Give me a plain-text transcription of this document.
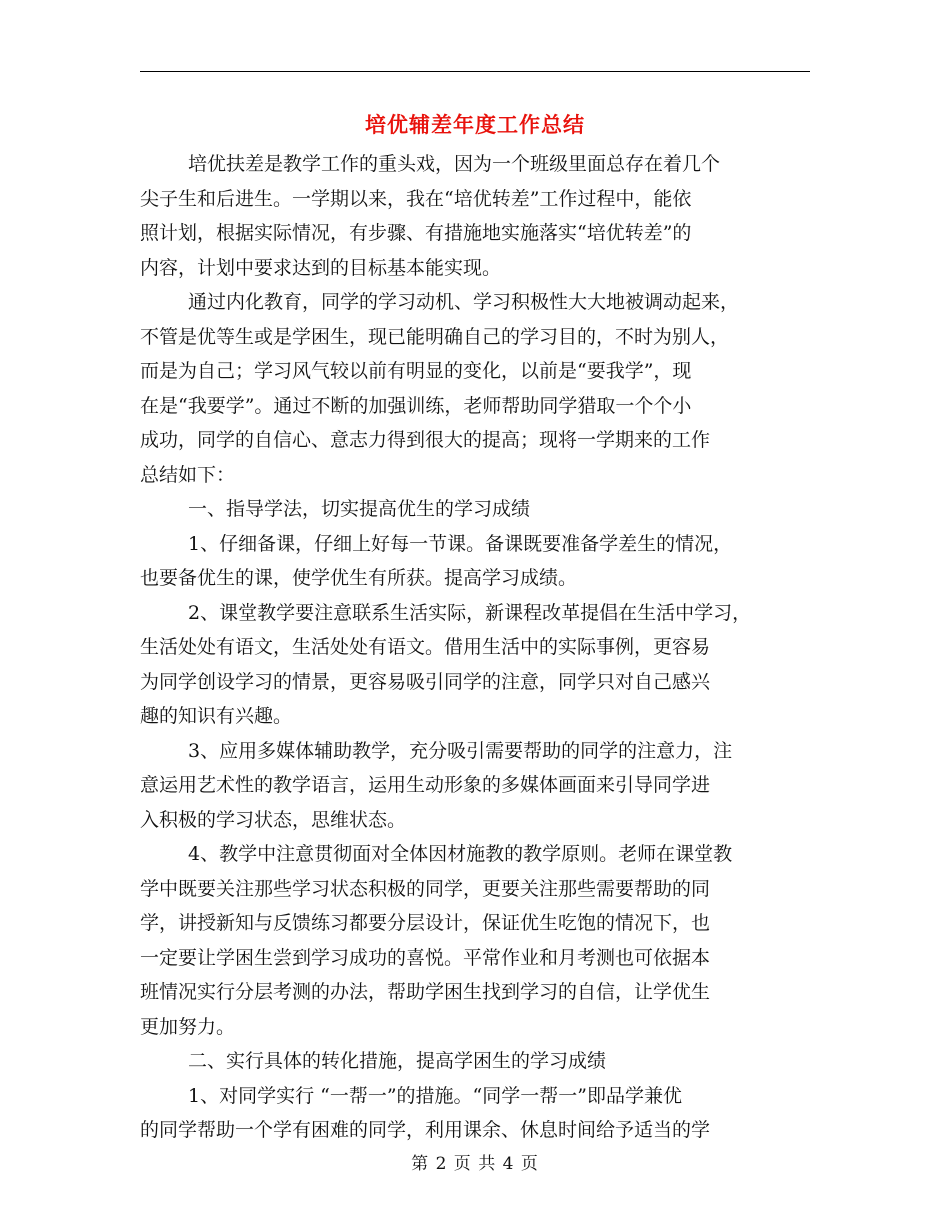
培优辅差年度工作总结
培优扶差是教学工作的重头戏，因为一个班级里面总存在着几个
尖子生和后进生。一学期以来，我在“培优转差”工作过程中，能依
照计划，根据实际情况，有步骤、有措施地实施落实“培优转差”的
内容，计划中要求达到的目标基本能实现。
通过内化教育，同学的学习动机、学习积极性大大地被调动起来，
不管是优等生或是学困生，现已能明确自己的学习目的，不时为别人，
而是为自己；学习风气较以前有明显的变化，以前是“要我学”，现
在是“我要学”。通过不断的加强训练，老师帮助同学猎取一个个小
成功，同学的自信心、意志力得到很大的提高；现将一学期来的工作
总结如下：
一、指导学法，切实提高优生的学习成绩
1、仔细备课，仔细上好每一节课。备课既要准备学差生的情况，
也要备优生的课，使学优生有所获。提高学习成绩。
2、课堂教学要注意联系生活实际，新课程改革提倡在生活中学习，
生活处处有语文，生活处处有语文。借用生活中的实际事例，更容易
为同学创设学习的情景，更容易吸引同学的注意，同学只对自己感兴
趣的知识有兴趣。
3、应用多媒体辅助教学，充分吸引需要帮助的同学的注意力，注
意运用艺术性的教学语言，运用生动形象的多媒体画面来引导同学进
入积极的学习状态，思维状态。
4、教学中注意贯彻面对全体因材施教的教学原则。老师在课堂教
学中既要关注那些学习状态积极的同学，更要关注那些需要帮助的同
学，讲授新知与反馈练习都要分层设计，保证优生吃饱的情况下，也
一定要让学困生尝到学习成功的喜悦。平常作业和月考测也可依据本
班情况实行分层考测的办法，帮助学困生找到学习的自信，让学优生
更加努力。
二、实行具体的转化措施，提高学困生的学习成绩
1、对同学实行 “一帮一”的措施。“同学一帮一”即品学兼优
的同学帮助一个学有困难的同学，利用课余、休息时间给予适当的学
第 2 页 共 4 页
